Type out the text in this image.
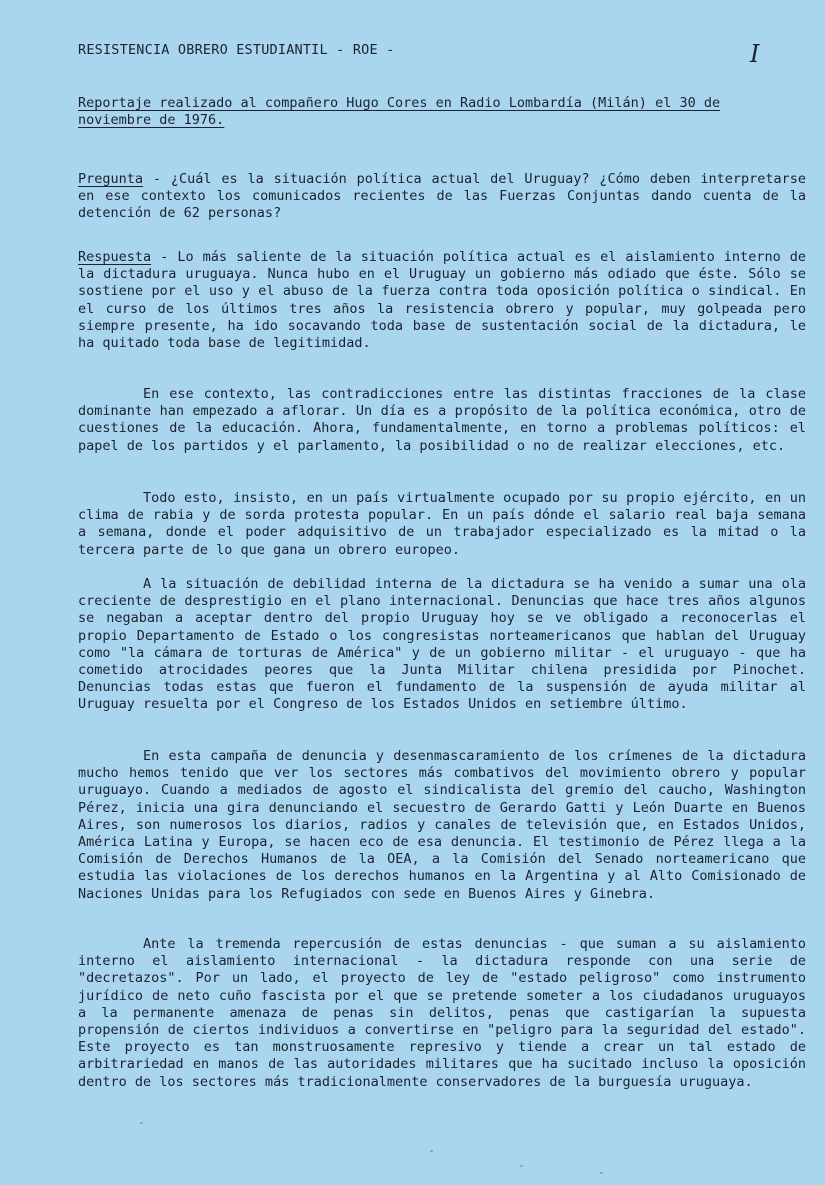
RESISTENCIA OBRERO ESTUDIANTIL - ROE -	I
Reportaje realizado al compañero Hugo Cores en Radio Lombardía (Milán) el 30 de noviembre de 1976.
Pregunta - ¿Cuál es la situación política actual del Uruguay? ¿Cómo deben interpretarse en ese contexto los comunicados recientes de las Fuerzas Conjuntas dando cuenta de la detención de 62 personas?
Respuesta - Lo más saliente de la situación política actual es el aislamiento interno de la dictadura uruguaya. Nunca hubo en el Uruguay un gobierno más odiado que éste. Sólo se sostiene por el uso y el abuso de la fuerza contra toda oposición política o sindical. En el curso de los últimos tres años la resistencia obrero y popular, muy golpeada pero siempre presente, ha ido socavando toda base de sustentación social de la dictadura, le ha quitado toda base de legitimidad.
En ese contexto, las contradicciones entre las distintas fracciones de la clase dominante han empezado a aflorar. Un día es a propósito de la política económica, otro de cuestiones de la educación. Ahora, fundamentalmente, en torno a problemas políticos: el papel de los partidos y el parlamento, la posibilidad o no de realizar elecciones, etc.
Todo esto, insisto, en un país virtualmente ocupado por su propio ejército, en un clima de rabia y de sorda protesta popular. En un país dónde el salario real baja semana a semana, donde el poder adquisitivo de un trabajador especializado es la mitad o la tercera parte de lo que gana un obrero europeo.
A la situación de debilidad interna de la dictadura se ha venido a sumar una ola creciente de desprestigio en el plano internacional. Denuncias que hace tres años algunos se negaban a aceptar dentro del propio Uruguay hoy se ve obligado a reconocerlas el propio Departamento de Estado o los congresistas norteamericanos que hablan del Uruguay como "la cámara de torturas de América" y de un gobierno militar - el uruguayo - que ha cometido atrocidades peores que la Junta Militar chilena presidida por Pinochet. Denuncias todas estas que fueron el fundamento de la suspensión de ayuda militar al Uruguay resuelta por el Congreso de los Estados Unidos en setiembre último.
En esta campaña de denuncia y desenmascaramiento de los crímenes de la dictadura mucho hemos tenido que ver los sectores más combativos del movimiento obrero y popular uruguayo. Cuando a mediados de agosto el sindicalista del gremio del caucho, Washington Pérez, inicia una gira denunciando el secuestro de Gerardo Gatti y León Duarte en Buenos Aires, son numerosos los diarios, radios y canales de televisión que, en Estados Unidos, América Latina y Europa, se hacen eco de esa denuncia. El testimonio de Pérez llega a la Comisión de Derechos Humanos de la OEA, a la Comisión del Senado norteamericano que estudia las violaciones de los derechos humanos en la Argentina y al Alto Comisionado de Naciones Unidas para los Refugiados con sede en Buenos Aires y Ginebra.
Ante la tremenda repercusión de estas denuncias - que suman a su aislamiento interno el aislamiento internacional - la dictadura responde con una serie de "decretazos". Por un lado, el proyecto de ley de "estado peligroso" como instrumento jurídico de neto cuño fascista por el que se pretende someter a los ciudadanos uruguayos a la permanente amenaza de penas sin delitos, penas que castigarían la supuesta propensión de ciertos individuos a convertirse en "peligro para la seguridad del estado". Este proyecto es tan monstruosamente represivo y tiende a crear un tal estado de arbitrariedad en manos de las autoridades militares que ha sucitado incluso la oposición dentro de los sectores más tradicionalmente conservadores de la burguesía uruguaya.
